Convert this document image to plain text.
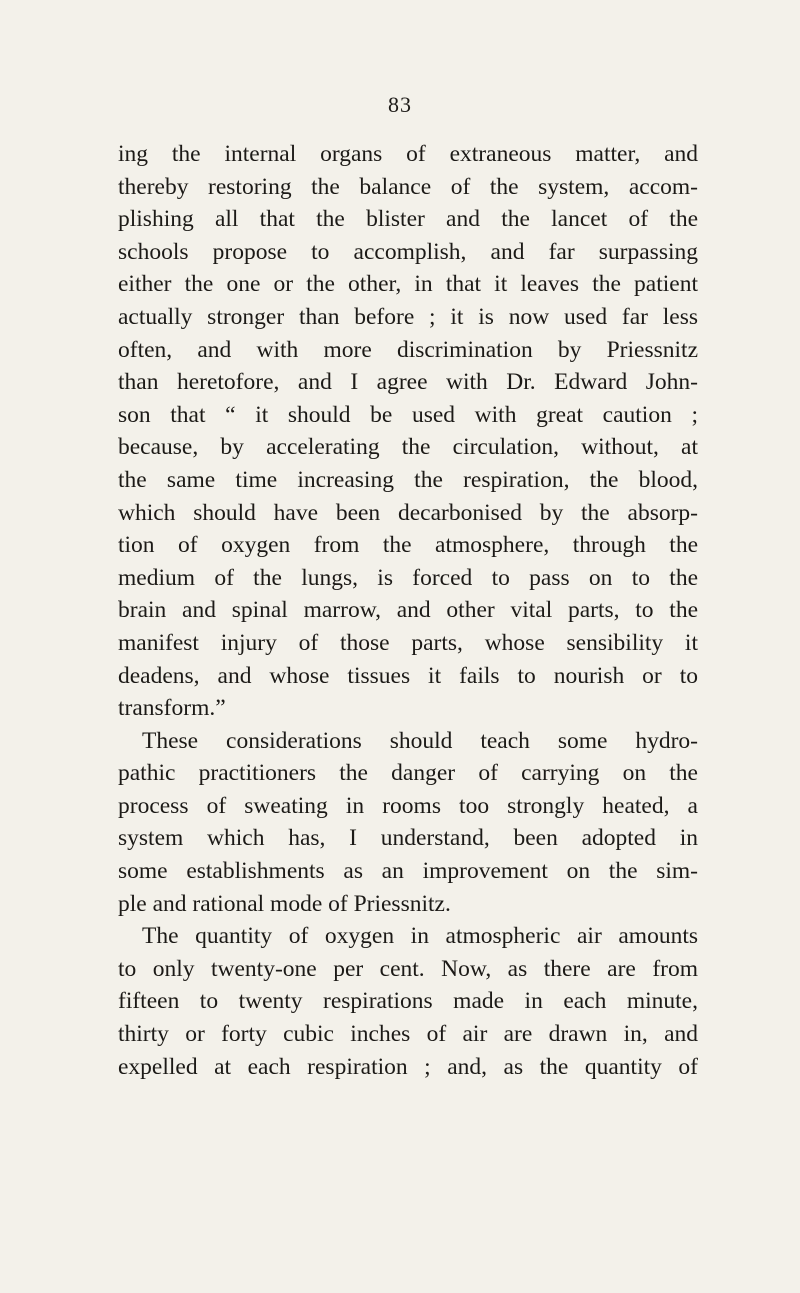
83
ing the internal organs of extraneous matter, and
thereby restoring the balance of the system, accom-
plishing all that the blister and the lancet of the
schools propose to accomplish, and far surpassing
either the one or the other, in that it leaves the patient
actually stronger than before ; it is now used far less
often, and with more discrimination by Priessnitz
than heretofore, and I agree with Dr. Edward John-
son that “ it should be used with great caution ;
because, by accelerating the circulation, without, at
the same time increasing the respiration, the blood,
which should have been decarbonised by the absorp-
tion of oxygen from the atmosphere, through the
medium of the lungs, is forced to pass on to the
brain and spinal marrow, and other vital parts, to the
manifest injury of those parts, whose sensibility it
deadens, and whose tissues it fails to nourish or to
transform.”
These considerations should teach some hydro-
pathic practitioners the danger of carrying on the
process of sweating in rooms too strongly heated, a
system which has, I understand, been adopted in
some establishments as an improvement on the sim-
ple and rational mode of Priessnitz.
The quantity of oxygen in atmospheric air amounts
to only twenty-one per cent. Now, as there are from
fifteen to twenty respirations made in each minute,
thirty or forty cubic inches of air are drawn in, and
expelled at each respiration ; and, as the quantity of
